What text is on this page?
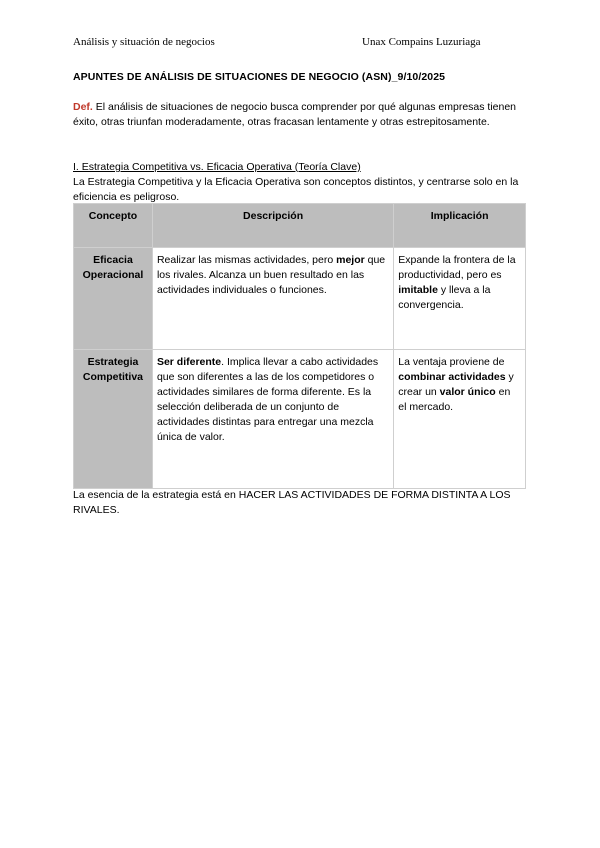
Análisis y situación de negocios	Unax Compains Luzuriaga
APUNTES DE ANÁLISIS DE SITUACIONES DE NEGOCIO (ASN)_9/10/2025
Def. El análisis de situaciones de negocio busca comprender por qué algunas empresas tienen éxito, otras triunfan moderadamente, otras fracasan lentamente y otras estrepitosamente.
I. Estrategia Competitiva vs. Eficacia Operativa (Teoría Clave)
La Estrategia Competitiva y la Eficacia Operativa son conceptos distintos, y centrarse solo en la eficiencia es peligroso.
Concepto	Descripción	Implicación
Eficacia Operacional	Realizar las mismas actividades, pero mejor que los rivales. Alcanza un buen resultado en las actividades individuales o funciones.	Expande la frontera de la productividad, pero es imitable y lleva a la convergencia.
Estrategia Competitiva	Ser diferente. Implica llevar a cabo actividades que son diferentes a las de los competidores o actividades similares de forma diferente. Es la selección deliberada de un conjunto de actividades distintas para entregar una mezcla única de valor.	La ventaja proviene de combinar actividades y crear un valor único en el mercado.
La esencia de la estrategia está en HACER LAS ACTIVIDADES DE FORMA DISTINTA A LOS RIVALES.
